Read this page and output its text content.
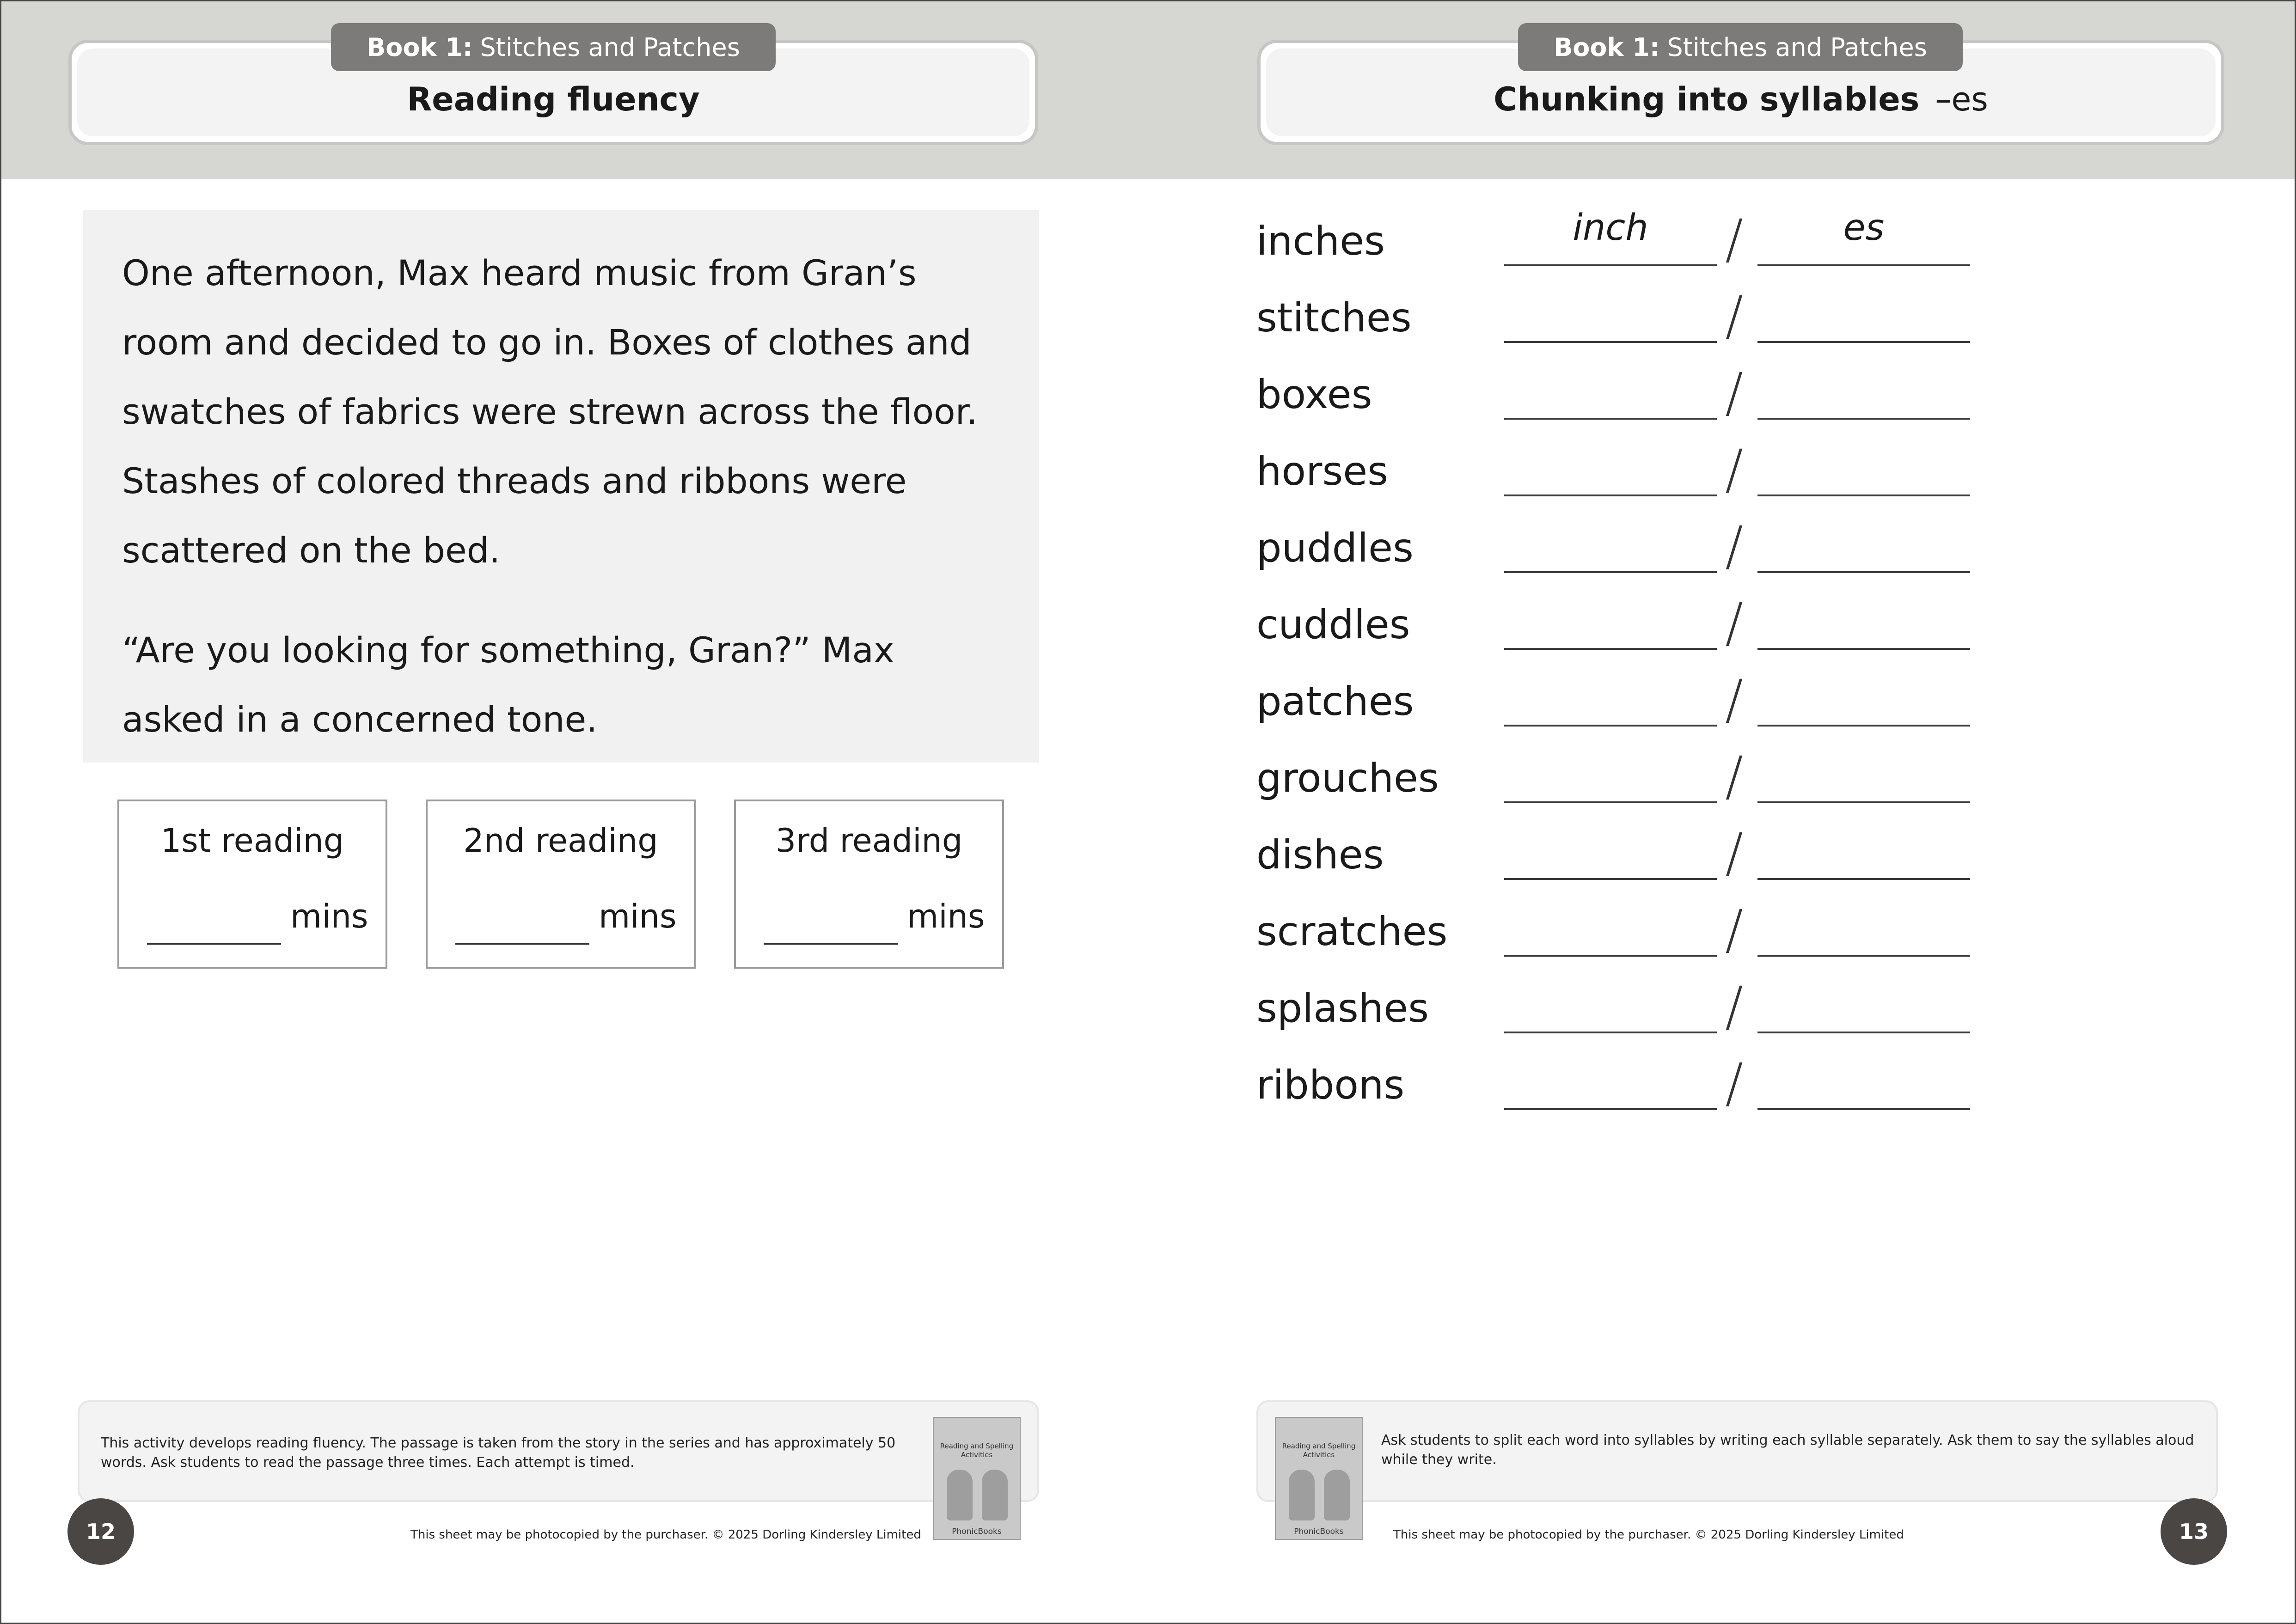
Reading fluency
Book 1: Stitches and Patches
Chunking into syllables –es
Book 1: Stitches and Patches

One afternoon, Max heard music from Gran’s room and decided to go in. Boxes of clothes and swatches of fabrics were strewn across the floor. Stashes of colored threads and ribbons were scattered on the bed.

“Are you looking for something, Gran?” Max asked in a concerned tone.

1st reading
mins
2nd reading
mins
3rd reading
mins
inches	inch	/	es
stitches	/
boxes	/
horses	/
puddles	/
cuddles	/
patches	/
grouches	/
dishes	/
scratches	/
splashes	/
ribbons	/
This activity develops reading fluency. The passage is taken from the story in the series and has approximately 50 words. Ask students to read the passage three times. Each attempt is timed.
Reading and Spelling Activities
PhonicBooks
12	This sheet may be photocopied by the purchaser. © 2025 Dorling Kindersley Limited
Ask students to split each word into syllables by writing each syllable separately. Ask them to say the syllables aloud while they write.
Reading and Spelling Activities
PhonicBooks	13
This sheet may be photocopied by the purchaser. © 2025 Dorling Kindersley Limited
